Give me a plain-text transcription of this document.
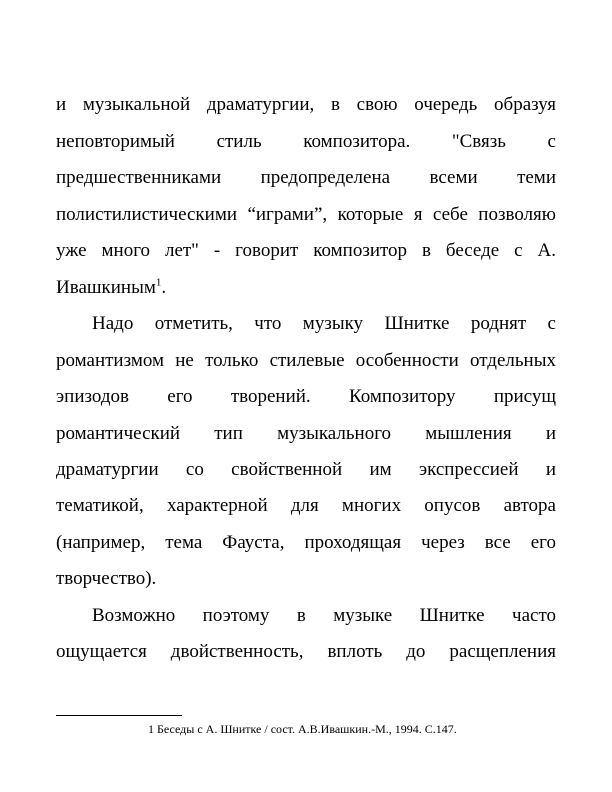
и музыкальной драматургии, в свою очередь образуя
неповторимый стиль композитора. "Связь с
предшественниками предопределена всеми теми
полистилистическими “играми”, которые я себе позволяю
уже много лет" - говорит композитор в беседе с А.
Ивашкиным$^1$.
Надо отметить, что музыку Шнитке роднят с
романтизмом не только стилевые особенности отдельных
эпизодов его творений. Композитору присущ
романтический тип музыкального мышления и
драматургии со свойственной им экспрессией и
тематикой, характерной для многих опусов автора
(например, тема Фауста, проходящая через все его
творчество).
Возможно поэтому в музыке Шнитке часто
ощущается двойственность, вплоть до расщепления
1 Беседы с А. Шнитке / сост. А.В.Ивашкин.-М., 1994. С.147.
